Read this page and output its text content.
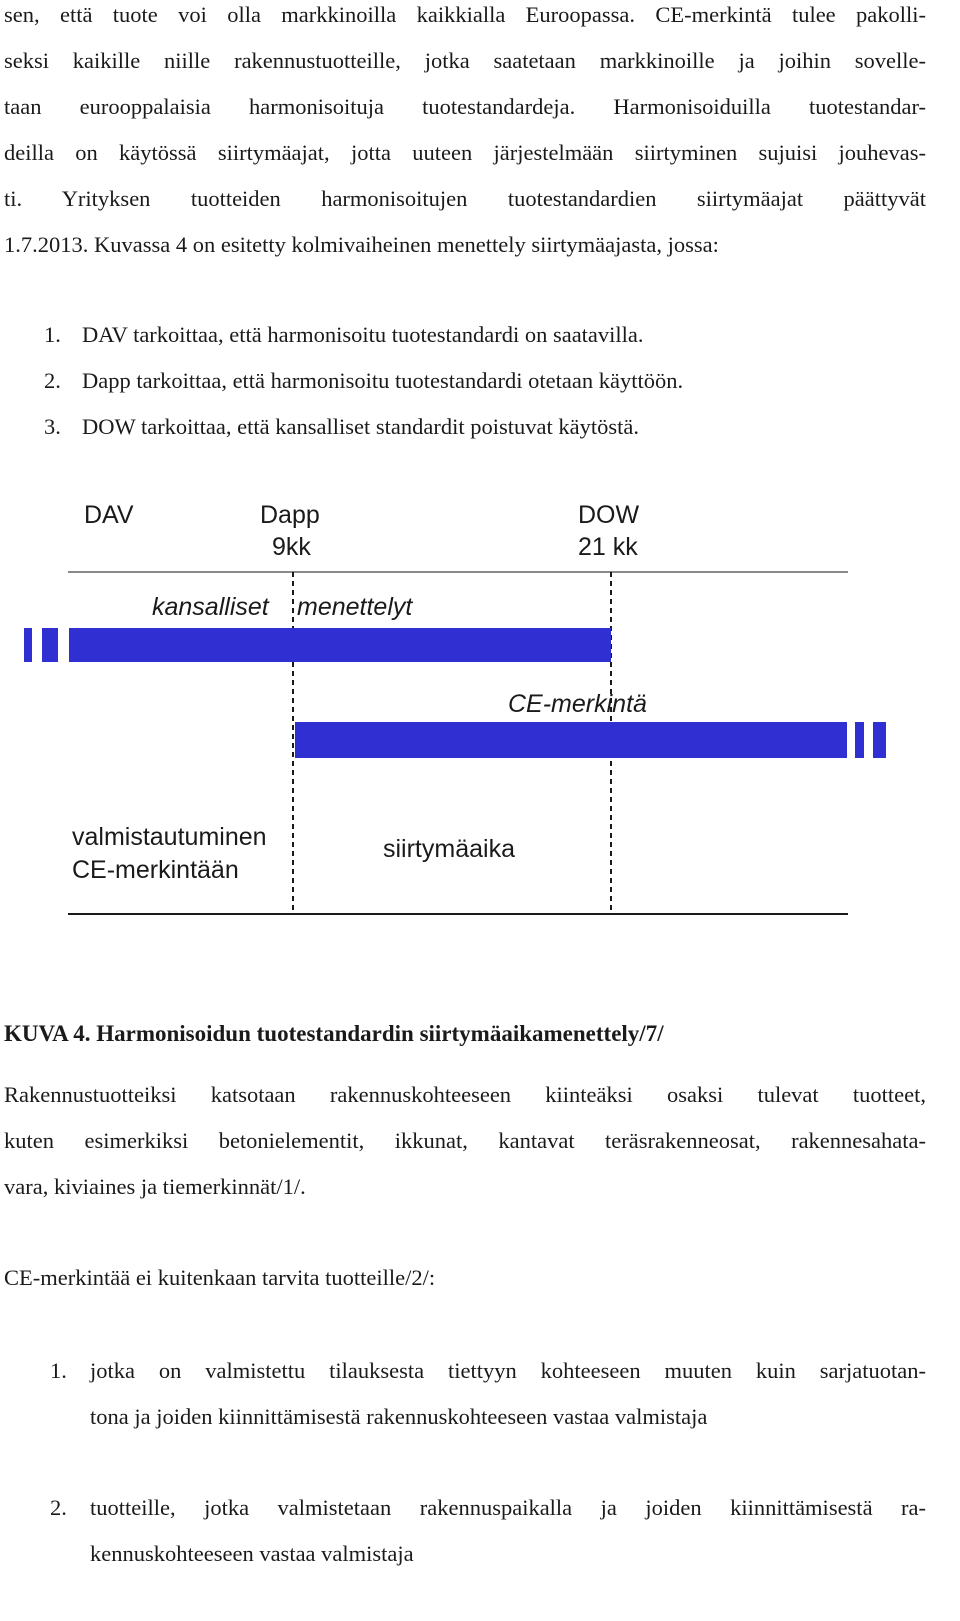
sen, että tuote voi olla markkinoilla kaikkialla Euroopassa. CE-merkintä tulee pakolli-
seksi kaikille niille rakennustuotteille, jotka saatetaan markkinoille ja joihin sovelle-
taan eurooppalaisia harmonisoituja tuotestandardeja. Harmonisoiduilla tuotestandar-
deilla on käytössä siirtymäajat, jotta uuteen järjestelmään siirtyminen sujuisi jouhevas-
ti. Yrityksen tuotteiden harmonisoitujen tuotestandardien siirtymäajat päättyvät
1.7.2013. Kuvassa 4 on esitetty kolmivaiheinen menettely siirtymäajasta, jossa:
1. DAV tarkoittaa, että harmonisoitu tuotestandardi on saatavilla.
2. Dapp tarkoittaa, että harmonisoitu tuotestandardi otetaan käyttöön.
3. DOW tarkoittaa, että kansalliset standardit poistuvat käytöstä.
DAV	Dapp
9kk
DOW
21 kk
kansalliset menettelyt
CE-merkintä
valmistautuminen
CE-merkintään
siirtymäaika
KUVA 4. Harmonisoidun tuotestandardin siirtymäaikamenettely/7/
Rakennustuotteiksi katsotaan rakennuskohteeseen kiinteäksi osaksi tulevat tuotteet,
kuten esimerkiksi betonielementit, ikkunat, kantavat teräsrakenneosat, rakennesahata-
vara, kiviaines ja tiemerkinnät/1/.
CE-merkintää ei kuitenkaan tarvita tuotteille/2/:
1. jotka on valmistettu tilauksesta tiettyyn kohteeseen muuten kuin sarjatuotan-
tona ja joiden kiinnittämisestä rakennuskohteeseen vastaa valmistaja
2. tuotteille, jotka valmistetaan rakennuspaikalla ja joiden kiinnittämisestä ra-
kennuskohteeseen vastaa valmistaja
